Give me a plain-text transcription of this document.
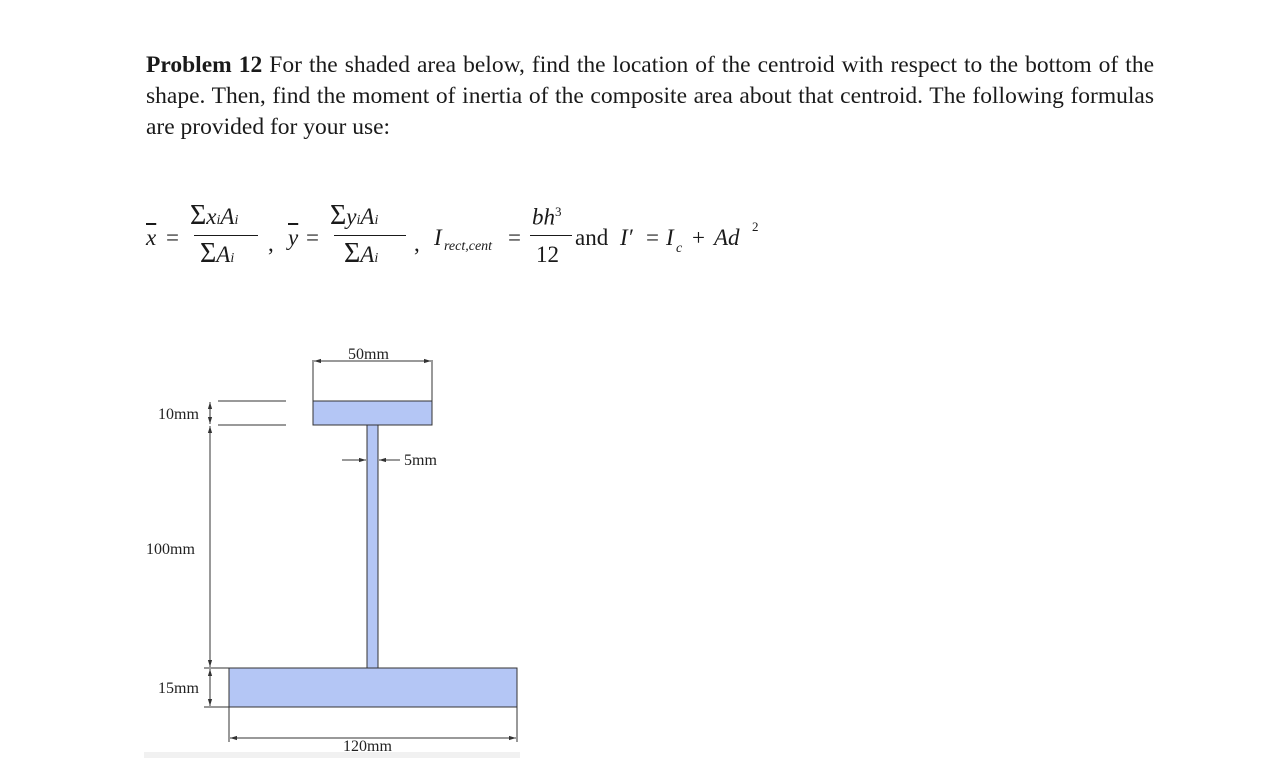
Problem 12 For the shaded area below, find the location of the centroid with respect to the bottom of the shape. Then, find the moment of inertia of the composite area about that centroid. The following formulas are provided for your use:
$\overline{x}$ =
ΣxiAi
ΣAi
, $\overline{y}$ =
ΣyiAi
ΣAi
, I rect,cent =
$bh^3$
12
and I′ = I c + Ad 2
50mm
10mm
5mm
100mm
15mm
120mm
